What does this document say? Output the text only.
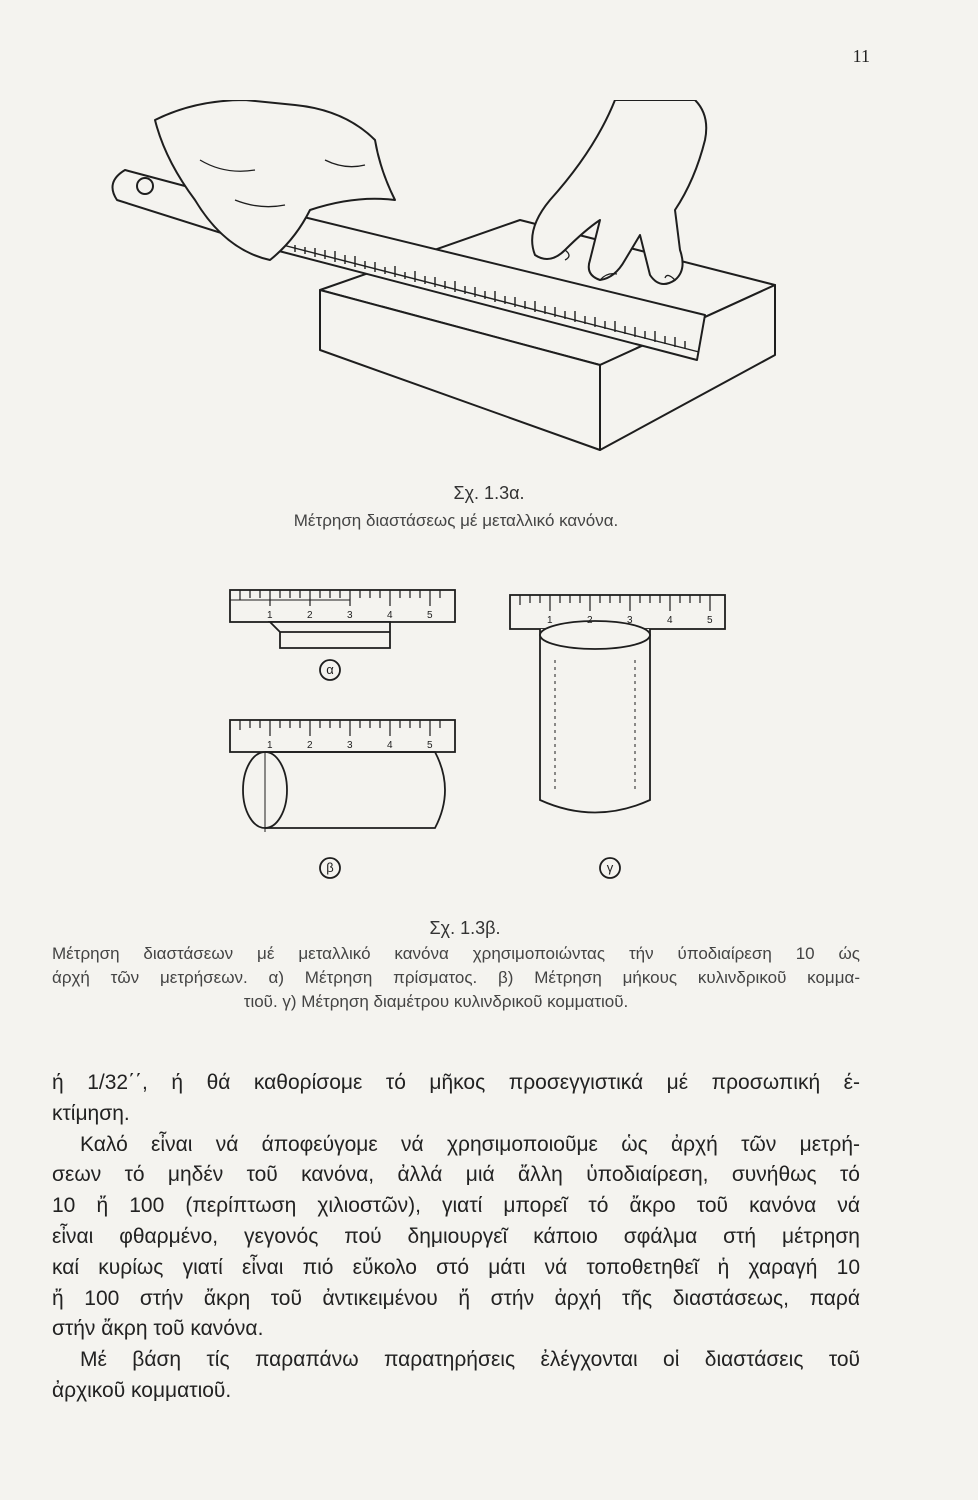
11
Σχ. 1.3α.
Μέτρηση διαστάσεως μέ μεταλλικό κανόνα.
1	2	3	4	5
1	2	3	4	5
1	2	3	4	5
α
β	γ
Σχ. 1.3β.
Μέτρηση διαστάσεων μέ μεταλλικό κανόνα χρησιμοποιώντας τήν ύποδιαίρεση 10 ώς
άρχή τῶν μετρήσεων. α) Μέτρηση πρίσματος. β) Μέτρηση μήκους κυλινδρικοῦ κομμα-
τιοῦ. γ) Μέτρηση διαμέτρου κυλινδρικοῦ κομματιοῦ.
ή 1/32΄΄, ή θά καθορίσομε τό μῆκος προσεγγιστικά μέ προσωπική έ-
κτίμηση.
Καλό εἶναι νά άποφεύγομε νά χρησιμοποιοῦμε ὡς ἀρχή τῶν μετρή-
σεων τό μηδέν τοῦ κανόνα, ἀλλά μιά ἄλλη ὑποδιαίρεση, συνήθως τό
10 ἤ 100 (περίπτωση χιλιοστῶν), γιατί μπορεῖ τό ἄκρο τοῦ κανόνα νά
εἶναι φθαρμένο, γεγονός πού δημιουργεῖ κάποιο σφάλμα στή μέτρηση
καί κυρίως γιατί εἶναι πιό εὔκολο στό μάτι νά τοποθετηθεῖ ἡ χαραγή 10
ἤ 100 στήν ἄκρη τοῦ ἀντικειμένου ἤ στήν ἀρχή τῆς διαστάσεως, παρά
στήν ἄκρη τοῦ κανόνα.
Μέ βάση τίς παραπάνω παρατηρήσεις ἐλέγχονται οἱ διαστάσεις τοῦ
ἀρχικοῦ κομματιοῦ.
